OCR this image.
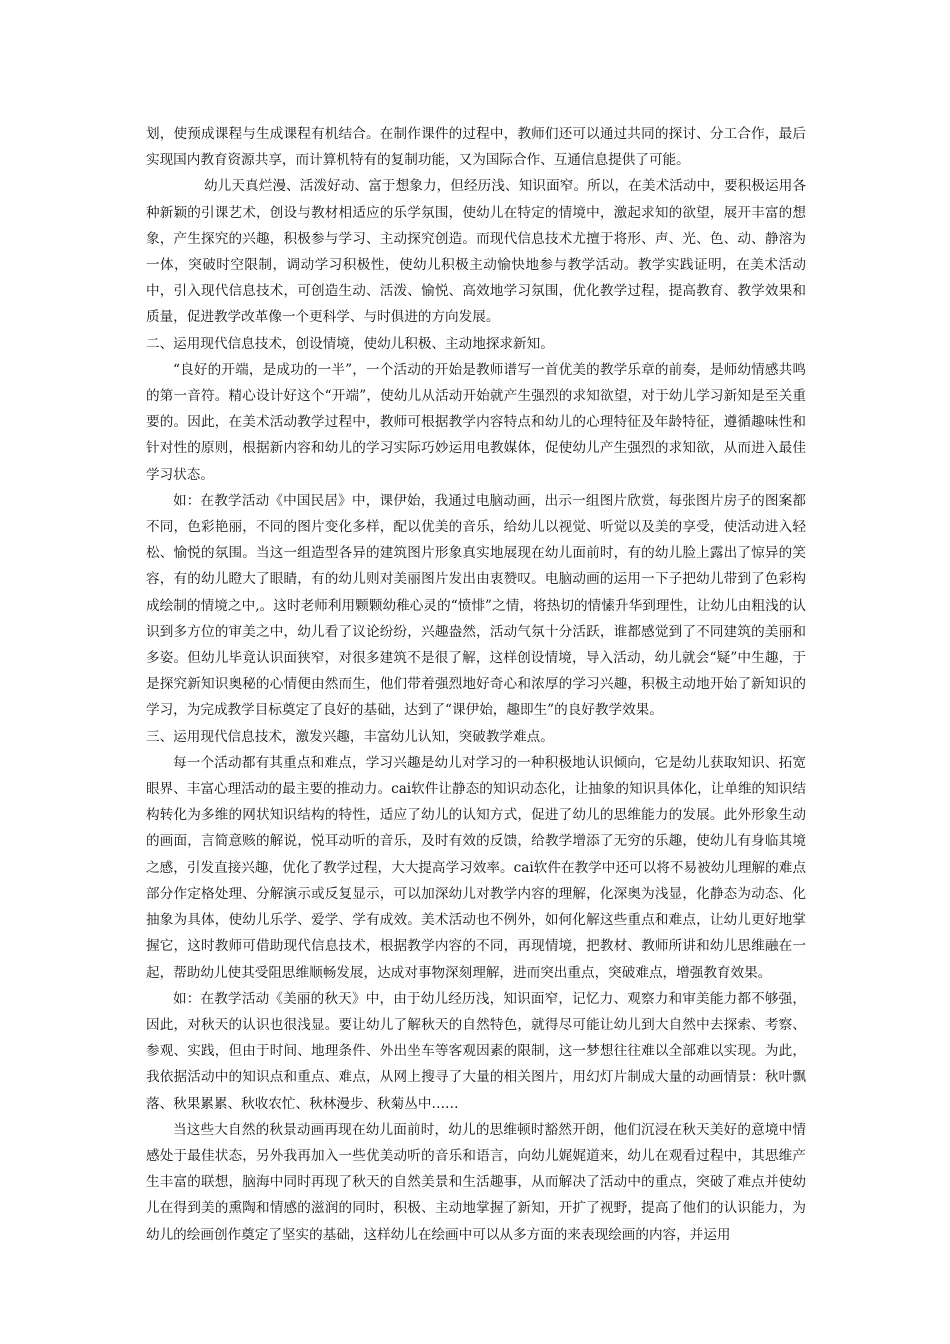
划，使预成课程与生成课程有机结合。在制作课件的过程中，教师们还可以通过共同的探讨、分工合作，最后实现国内教育资源共享，而计算机特有的复制功能，又为国际合作、互通信息提供了可能。

幼儿天真烂漫、活泼好动、富于想象力，但经历浅、知识面窄。所以，在美术活动中，要积极运用各种新颖的引课艺术，创设与教材相适应的乐学氛围，使幼儿在特定的情境中，激起求知的欲望，展开丰富的想象，产生探究的兴趣，积极参与学习、主动探究创造。而现代信息技术尤擅于将形、声、光、色、动、静溶为一体，突破时空限制，调动学习积极性，使幼儿积极主动愉快地参与教学活动。教学实践证明，在美术活动中，引入现代信息技术，可创造生动、活泼、愉悦、高效地学习氛围，优化教学过程，提高教育、教学效果和质量，促进教学改革像一个更科学、与时俱进的方向发展。

二、运用现代信息技术，创设情境，使幼儿积极、主动地探求新知。

“良好的开端，是成功的一半”，一个活动的开始是教师谱写一首优美的教学乐章的前奏，是师幼情感共鸣的第一音符。精心设计好这个“开端”，使幼儿从活动开始就产生强烈的求知欲望，对于幼儿学习新知是至关重要的。因此，在美术活动教学过程中，教师可根据教学内容特点和幼儿的心理特征及年龄特征，遵循趣味性和针对性的原则，根据新内容和幼儿的学习实际巧妙运用电教媒体，促使幼儿产生强烈的求知欲，从而进入最佳学习状态。

如：在教学活动《中国民居》中，课伊始，我通过电脑动画，出示一组图片欣赏，每张图片房子的图案都不同，色彩艳丽，不同的图片变化多样，配以优美的音乐，给幼儿以视觉、听觉以及美的享受，使活动进入轻松、愉悦的氛围。当这一组造型各异的建筑图片形象真实地展现在幼儿面前时，有的幼儿脸上露出了惊异的笑容，有的幼儿瞪大了眼睛，有的幼儿则对美丽图片发出由衷赞叹。电脑动画的运用一下子把幼儿带到了色彩构成绘制的情境之中,。这时老师利用颗颗幼稚心灵的“愤悱”之情，将热切的情愫升华到理性，让幼儿由粗浅的认识到多方位的审美之中，幼儿看了议论纷纷，兴趣盎然，活动气氛十分活跃，谁都感觉到了不同建筑的美丽和多姿。但幼儿毕竟认识面狭窄，对很多建筑不是很了解，这样创设情境，导入活动，幼儿就会“疑”中生趣，于是探究新知识奥秘的心情便由然而生，他们带着强烈地好奇心和浓厚的学习兴趣，积极主动地开始了新知识的学习，为完成教学目标奠定了良好的基础，达到了“课伊始，趣即生”的良好教学效果。

三、运用现代信息技术，激发兴趣，丰富幼儿认知，突破教学难点。

每一个活动都有其重点和难点，学习兴趣是幼儿对学习的一种积极地认识倾向，它是幼儿获取知识、拓宽眼界、丰富心理活动的最主要的推动力。cai软件让静态的知识动态化，让抽象的知识具体化，让单维的知识结构转化为多维的网状知识结构的特性，适应了幼儿的认知方式，促进了幼儿的思维能力的发展。此外形象生动的画面，言简意赅的解说，悦耳动听的音乐，及时有效的反馈，给教学增添了无穷的乐趣，使幼儿有身临其境之感，引发直接兴趣，优化了教学过程，大大提高学习效率。cai软件在教学中还可以将不易被幼儿理解的难点部分作定格处理、分解演示或反复显示，可以加深幼儿对教学内容的理解，化深奥为浅显，化静态为动态、化抽象为具体，使幼儿乐学、爱学、学有成效。美术活动也不例外，如何化解这些重点和难点，让幼儿更好地掌握它，这时教师可借助现代信息技术，根据教学内容的不同，再现情境，把教材、教师所讲和幼儿思维融在一起，帮助幼儿使其受阻思维顺畅发展，达成对事物深刻理解，进而突出重点，突破难点，增强教育效果。

如：在教学活动《美丽的秋天》中，由于幼儿经历浅，知识面窄，记忆力、观察力和审美能力都不够强，因此，对秋天的认识也很浅显。要让幼儿了解秋天的自然特色，就得尽可能让幼儿到大自然中去探索、考察、参观、实践，但由于时间、地理条件、外出坐车等客观因素的限制，这一梦想往往难以全部难以实现。为此，我依据活动中的知识点和重点、难点，从网上搜寻了大量的相关图片，用幻灯片制成大量的动画情景：秋叶飘落、秋果累累、秋收农忙、秋林漫步、秋菊丛中……

当这些大自然的秋景动画再现在幼儿面前时，幼儿的思维顿时豁然开朗，他们沉浸在秋天美好的意境中情感处于最佳状态，另外我再加入一些优美动听的音乐和语言，向幼儿娓娓道来，幼儿在观看过程中，其思维产生丰富的联想，脑海中同时再现了秋天的自然美景和生活趣事，从而解决了活动中的重点，突破了难点并使幼儿在得到美的熏陶和情感的滋润的同时，积极、主动地掌握了新知，开扩了视野，提高了他们的认识能力，为幼儿的绘画创作奠定了坚实的基础，这样幼儿在绘画中可以从多方面的来表现绘画的内容，并运用
